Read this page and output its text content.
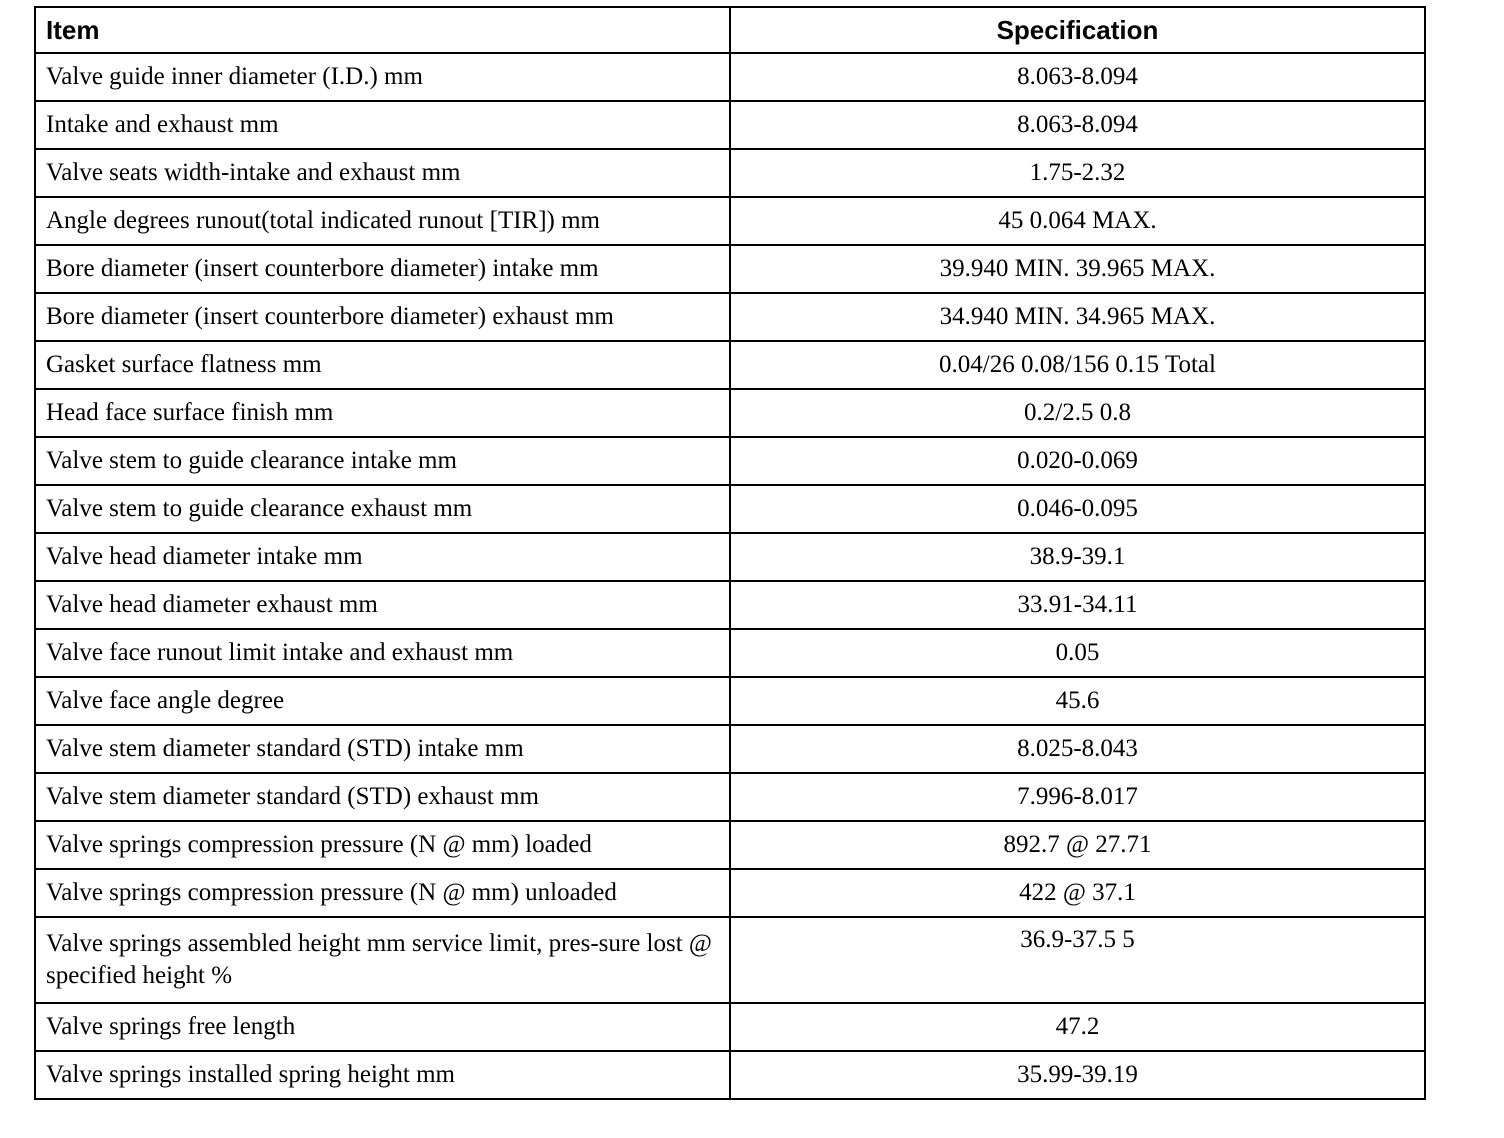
Item	Specification
Valve guide inner diameter (I.D.) mm	8.063-8.094
Intake and exhaust mm	8.063-8.094
Valve seats width-intake and exhaust mm	1.75-2.32
Angle degrees runout(total indicated runout [TIR]) mm	45 0.064 MAX.
Bore diameter (insert counterbore diameter) intake mm	39.940 MIN. 39.965 MAX.
Bore diameter (insert counterbore diameter) exhaust mm	34.940 MIN. 34.965 MAX.
Gasket surface flatness mm	0.04/26 0.08/156 0.15 Total
Head face surface finish mm	0.2/2.5 0.8
Valve stem to guide clearance intake mm	0.020-0.069
Valve stem to guide clearance exhaust mm	0.046-0.095
Valve head diameter intake mm	38.9-39.1
Valve head diameter exhaust mm	33.91-34.11
Valve face runout limit intake and exhaust mm	0.05
Valve face angle degree	45.6
Valve stem diameter standard (STD) intake mm	8.025-8.043
Valve stem diameter standard (STD) exhaust mm	7.996-8.017
Valve springs compression pressure (N @ mm) loaded	892.7 @ 27.71
Valve springs compression pressure (N @ mm) unloaded	422 @ 37.1
Valve springs assembled height mm service limit, pres-sure lost @ specified height %	36.9-37.5 5
Valve springs free length	47.2
Valve springs installed spring height mm	35.99-39.19
